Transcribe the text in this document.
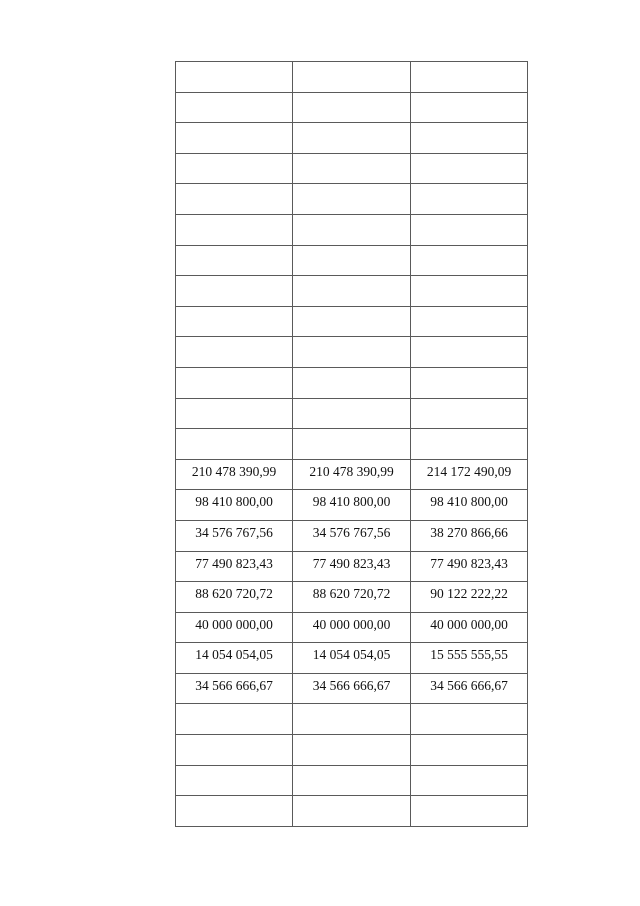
210 478 390,99	210 478 390,99	214 172 490,09
98 410 800,00	98 410 800,00	98 410 800,00
34 576 767,56	34 576 767,56	38 270 866,66
77 490 823,43	77 490 823,43	77 490 823,43
88 620 720,72	88 620 720,72	90 122 222,22
40 000 000,00	40 000 000,00	40 000 000,00
14 054 054,05	14 054 054,05	15 555 555,55
34 566 666,67	34 566 666,67	34 566 666,67
